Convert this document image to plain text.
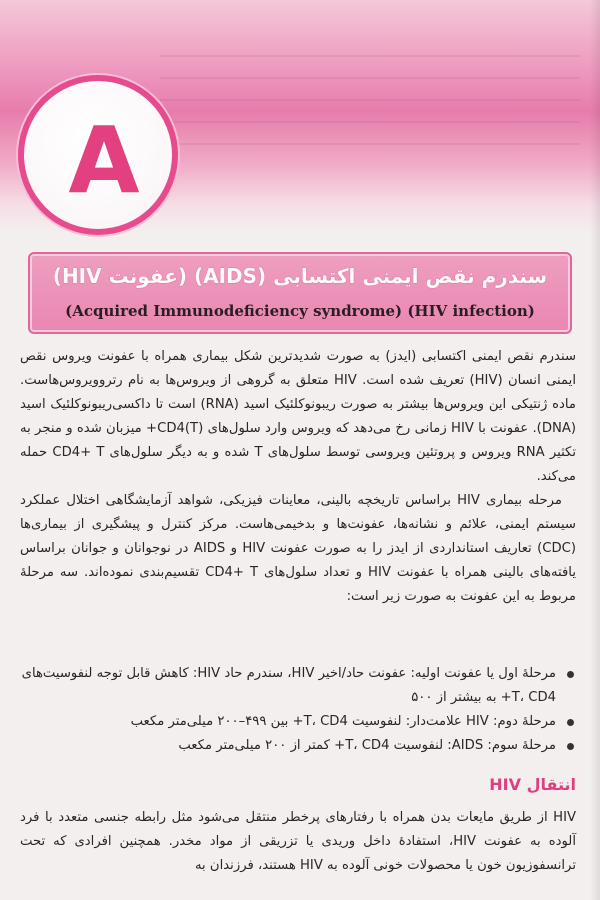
A
سندرم نقص ایمنی اکتسابی (AIDS) (عفونت HIV)
(Acquired Immunodeficiency syndrome) (HIV infection)

سندرم نقص ایمنی اکتسابی (ایدز) به صورت شدیدترین شکل بیماری همراه با عفونت ویروس نقص ایمنی انسان (HIV) تعریف شده است. HIV متعلق به گروهی از ویروس‌ها به نام رتروویروس‌هاست. ماده ژنتیکی این ویروس‌ها بیشتر به صورت ریبونوکلئیک اسید (RNA) است تا داکسی‌ریبونوکلئیک اسید (DNA). عفونت با HIV زمانی رخ می‌دهد که ویروس وارد سلول‌های (T)CD4+ میزبان شده و منجر به تکثیر RNA ویروس و پروتئین ویروسی توسط سلول‌های T شده و به دیگر سلول‌های CD4+ T حمله می‌کند.

مرحله بیماری HIV براساس تاریخچه بالینی، معاینات فیزیکی، شواهد آزمایشگاهی اختلال عملکرد سیستم ایمنی، علائم و نشانه‌ها، عفونت‌ها و بدخیمی‌هاست. مرکز کنترل و پیشگیری از بیماری‌ها (CDC) تعاریف استانداردی از ایدز را به صورت عفونت HIV و AIDS در نوجوانان و جوانان براساس یافته‌های بالینی همراه با عفونت HIV و تعداد سلول‌های CD4+ T تقسیم‌بندی نموده‌اند. سه مرحلهٔ مربوط به این عفونت به صورت زیر است:

مرحلهٔ اول یا عفونت اولیه: عفونت حاد/اخیر HIV، سندرم حاد HIV: کاهش قابل توجه لنفوسیت‌های T، CD4+ به بیشتر از ۵۰۰
مرحلهٔ دوم: HIV علامت‌دار: لنفوسیت T، CD4+ بین ۴۹۹–۲۰۰ میلی‌متر مکعب
مرحلهٔ سوم: AIDS: لنفوسیت T، CD4+ کمتر از ۲۰۰ میلی‌متر مکعب
انتقال HIV

HIV از طریق مایعات بدن همراه با رفتارهای پرخطر منتقل می‌شود مثل رابطه جنسی متعدد با فرد آلوده به عفونت HIV، استفادهٔ داخل وریدی یا تزریقی از مواد مخدر. همچنین افرادی که تحت ترانسفوزیون خون یا محصولات خونی آلوده به HIV هستند، فرزندان به
